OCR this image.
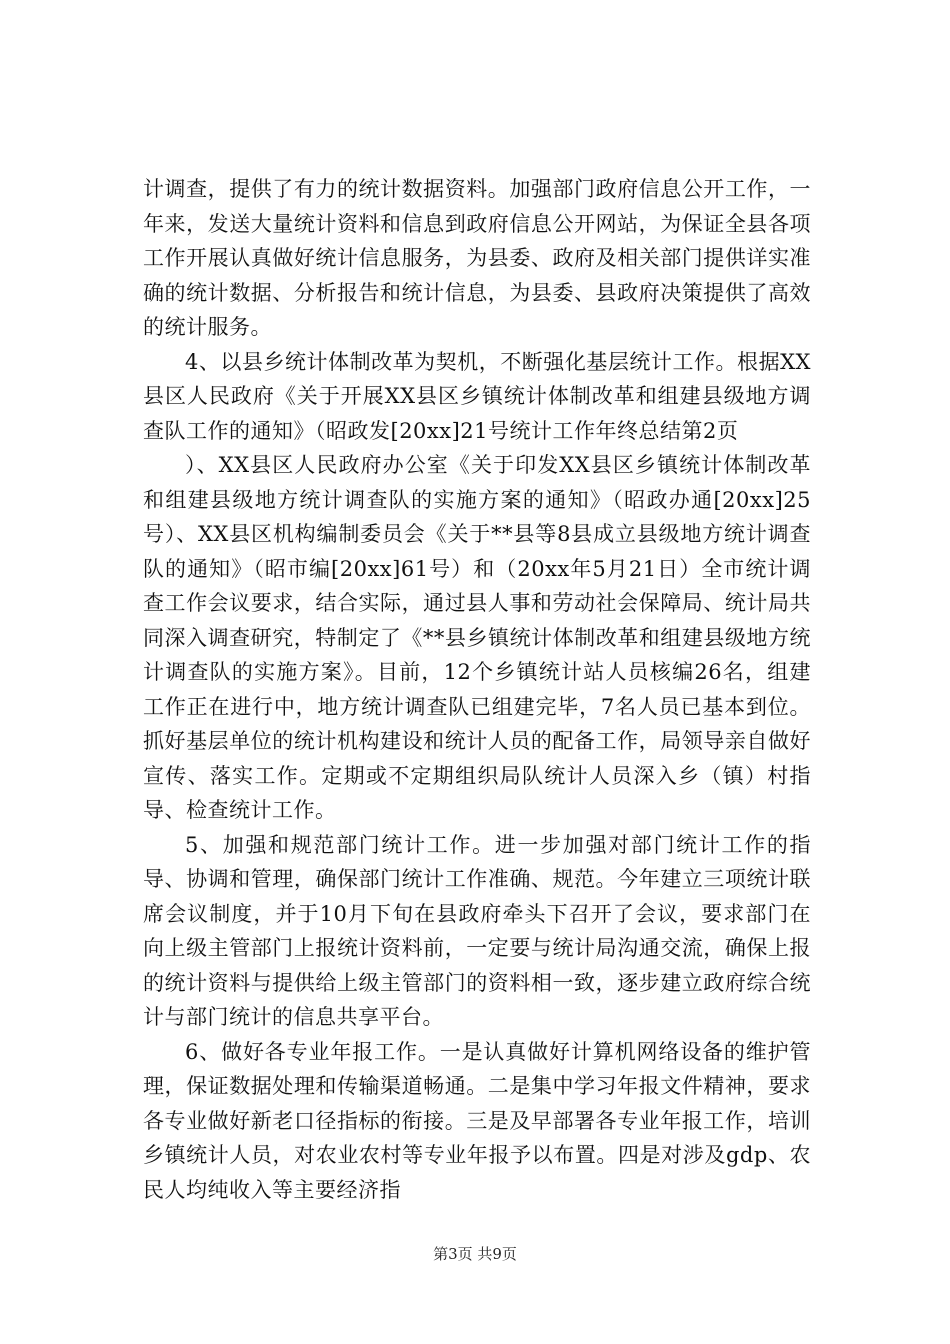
计调查，提供了有力的统计数据资料。加强部门政府信息公开工作，一年来，发送大量统计资料和信息到政府信息公开网站，为保证全县各项工作开展认真做好统计信息服务，为县委、政府及相关部门提供详实准确的统计数据、分析报告和统计信息，为县委、县政府决策提供了高效的统计服务。

4、以县乡统计体制改革为契机，不断强化基层统计工作。根据XX县区人民政府《关于开展XX县区乡镇统计体制改革和组建县级地方调查队工作的通知》（昭政发[20xx]21号统计工作年终总结第2页

）、XX县区人民政府办公室《关于印发XX县区乡镇统计体制改革和组建县级地方统计调查队的实施方案的通知》（昭政办通[20xx]25号）、XX县区机构编制委员会《关于**县等8县成立县级地方统计调查队的通知》（昭市编[20xx]61号）和（20xx年5月21日）全市统计调查工作会议要求，结合实际，通过县人事和劳动社会保障局、统计局共同深入调查研究，特制定了《**县乡镇统计体制改革和组建县级地方统计调查队的实施方案》。目前，12个乡镇统计站人员核编26名，组建工作正在进行中，地方统计调查队已组建完毕，7名人员已基本到位。抓好基层单位的统计机构建设和统计人员的配备工作，局领导亲自做好宣传、落实工作。定期或不定期组织局队统计人员深入乡（镇）村指导、检查统计工作。

5、加强和规范部门统计工作。进一步加强对部门统计工作的指导、协调和管理，确保部门统计工作准确、规范。今年建立三项统计联席会议制度，并于10月下旬在县政府牵头下召开了会议，要求部门在向上级主管部门上报统计资料前，一定要与统计局沟通交流，确保上报的统计资料与提供给上级主管部门的资料相一致，逐步建立政府综合统计与部门统计的信息共享平台。

6、做好各专业年报工作。一是认真做好计算机网络设备的维护管理，保证数据处理和传输渠道畅通。二是集中学习年报文件精神，要求各专业做好新老口径指标的衔接。三是及早部署各专业年报工作，培训乡镇统计人员，对农业农村等专业年报予以布置。四是对涉及gdp、农民人均纯收入等主要经济指

第3页 共9页
